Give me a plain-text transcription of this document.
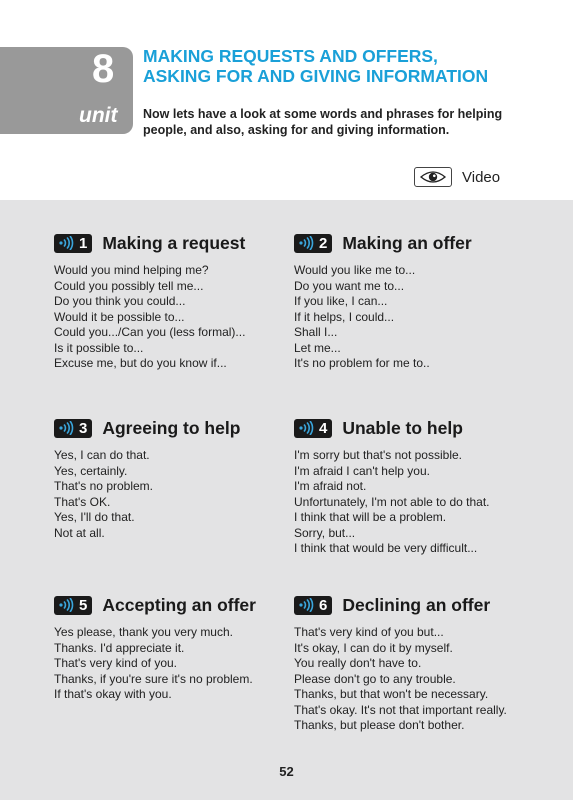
8
unit
MAKING REQUESTS AND OFFERS,
ASKING FOR AND GIVING INFORMATION
Now lets have a look at some words and phrases for helping people, and also, asking for and giving information.
Video
1 Making a request
Would you mind helping me?
Could you possibly tell me...
Do you think you could...
Would it be possible to...
Could you.../Can you (less formal)...
Is it possible to...
Excuse me, but do you know if...
2 Making an offer
Would you like me to...
Do you want me to...
If you like, I can...
If it helps, I could...
Shall I...
Let me...
It's no problem for me to..
3 Agreeing to help
Yes, I can do that.
Yes, certainly.
That's no problem.
That's OK.
Yes, I'll do that.
Not at all.
4 Unable to help
I'm sorry but that's not possible.
I'm afraid I can't help you.
I'm afraid not.
Unfortunately, I'm not able to do that.
I think that will be a problem.
Sorry, but...
I think that would be very difficult...
5 Accepting an offer
Yes please, thank you very much.
Thanks. I'd appreciate it.
That's very kind of you.
Thanks, if you're sure it's no problem.
If that's okay with you.
6 Declining an offer
That's very kind of you but...
It's okay, I can do it by myself.
You really don't have to.
Please don't go to any trouble.
Thanks, but that won't be necessary.
That's okay. It's not that important really.
Thanks, but please don't bother.
52
